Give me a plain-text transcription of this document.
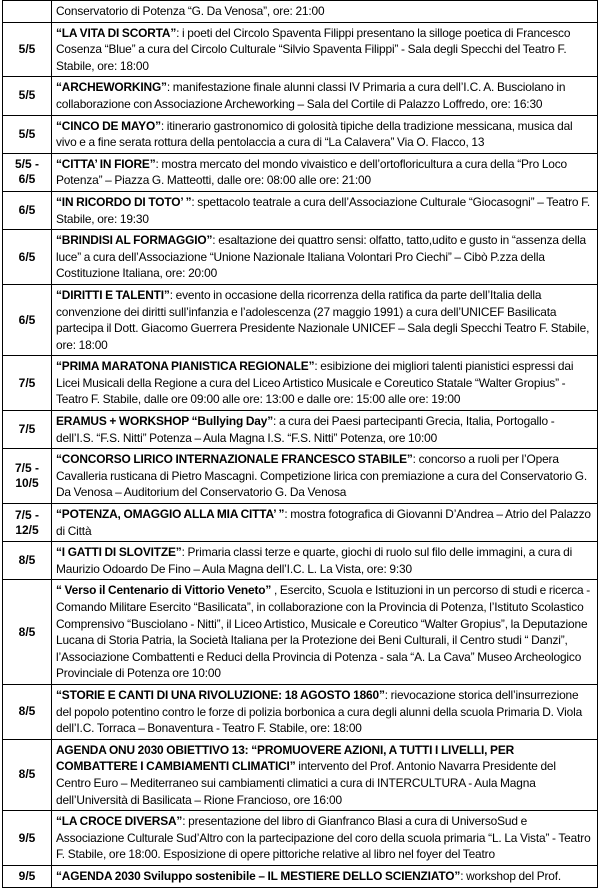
	Conservatorio di Potenza “G. Da Venosa”, ore: 21:00

5/5	“LA VITA DI SCORTA”: i poeti del Circolo Spaventa Filippi presentano la silloge poetica di Francesco Cosenza “Blue” a cura del Circolo Culturale “Silvio Spaventa Filippi” - Sala degli Specchi del Teatro F. Stabile, ore: 18:00

5/5	“ARCHEWORKING”: manifestazione finale alunni classi IV Primaria a cura dell’I.C. A. Busciolano in collaborazione con Associazione Archeworking – Sala del Cortile di Palazzo Loffredo, ore: 16:30

5/5	“CINCO DE MAYO”: itinerario gastronomico di golosità tipiche della tradizione messicana, musica dal vivo e a fine serata rottura della pentolaccia a cura di “La Calavera” Via O. Flacco, 13

5/5 -
6/5	“CITTA’ IN FIORE”: mostra mercato del mondo vivaistico e dell’ortofloricultura a cura della “Pro Loco Potenza” – Piazza G. Matteotti, dalle ore: 08:00 alle ore: 21:00

6/5	“IN RICORDO DI TOTO’ ”: spettacolo teatrale a cura dell’Associazione Culturale “Giocasogni” – Teatro F. Stabile, ore: 19:30

6/5	“BRINDISI AL FORMAGGIO”: esaltazione dei quattro sensi: olfatto, tatto,udito e gusto in “assenza della luce” a cura dell’Associazione “Unione Nazionale Italiana Volontari Pro Ciechi” – Cibò P.zza della Costituzione Italiana, ore: 20:00

6/5	“DIRITTI E TALENTI”: evento in occasione della ricorrenza della ratifica da parte dell’Italia della convenzione dei diritti sull’infanzia e l’adolescenza (27 maggio 1991) a cura dell’UNICEF Basilicata partecipa il Dott. Giacomo Guerrera Presidente Nazionale UNICEF – Sala degli Specchi Teatro F. Stabile, ore: 18:00

7/5	“PRIMA MARATONA PIANISTICA REGIONALE”: esibizione dei migliori talenti pianistici espressi dai Licei Musicali della Regione a cura del Liceo Artistico Musicale e Coreutico Statale “Walter Gropius” - Teatro F. Stabile, dalle ore 09:00 alle ore: 13:00 e dalle ore: 15:00 alle ore: 19:00

7/5	ERAMUS + WORKSHOP “Bullying Day”: a cura dei Paesi partecipanti Grecia, Italia, Portogallo - dell’I.S. “F.S. Nitti” Potenza – Aula Magna I.S. “F.S. Nitti” Potenza, ore 10:00

7/5 -
10/5	“CONCORSO LIRICO INTERNAZIONALE FRANCESCO STABILE”: concorso a ruoli per l’Opera Cavalleria rusticana di Pietro Mascagni. Competizione lirica con premiazione a cura del Conservatorio G. Da Venosa – Auditorium del Conservatorio G. Da Venosa

7/5 -
12/5	“POTENZA, OMAGGIO ALLA MIA CITTA’ ”: mostra fotografica di Giovanni D’Andrea – Atrio del Palazzo di Città

8/5	“I GATTI DI SLOVITZE”: Primaria classi terze e quarte, giochi di ruolo sul filo delle immagini, a cura di Maurizio Odoardo De Fino – Aula Magna dell’I.C. L. La Vista, ore: 9:30

8/5	“ Verso il Centenario di Vittorio Veneto” , Esercito, Scuola e Istituzioni in un percorso di studi e ricerca - Comando Militare Esercito “Basilicata”, in collaborazione con la Provincia di Potenza, l’Istituto Scolastico Comprensivo “Busciolano - Nitti”, il Liceo Artistico, Musicale e Coreutico “Walter Gropius”, la Deputazione Lucana di Storia Patria, la Società Italiana per la Protezione dei Beni Culturali, il Centro studi “ Danzi”, l’Associazione Combattenti e Reduci della Provincia di Potenza - sala “A. La Cava” Museo Archeologico Provinciale di Potenza ore 10:00

8/5	“STORIE E CANTI DI UNA RIVOLUZIONE: 18 AGOSTO 1860”: rievocazione storica dell’insurrezione del popolo potentino contro le forze di polizia borbonica a cura degli alunni della scuola Primaria D. Viola dell’I.C. Torraca – Bonaventura - Teatro F. Stabile, ore: 18:00

8/5	AGENDA ONU 2030 OBIETTIVO 13: “PROMUOVERE AZIONI, A TUTTI I LIVELLI, PER COMBATTERE I CAMBIAMENTI CLIMATICI” intervento del Prof. Antonio Navarra Presidente del Centro Euro – Mediterraneo sui cambiamenti climatici a cura di INTERCULTURA - Aula Magna dell’Università di Basilicata – Rione Francioso, ore 16:00

9/5	“LA CROCE DIVERSA”: presentazione del libro di Gianfranco Blasi a cura di UniversoSud e Associazione Culturale Sud’Altro con la partecipazione del coro della scuola primaria “L. La Vista” - Teatro F. Stabile, ore 18:00. Esposizione di opere pittoriche relative al libro nel foyer del Teatro

9/5	“AGENDA 2030 Sviluppo sostenibile – IL MESTIERE DELLO SCIENZIATO”: workshop del Prof.
